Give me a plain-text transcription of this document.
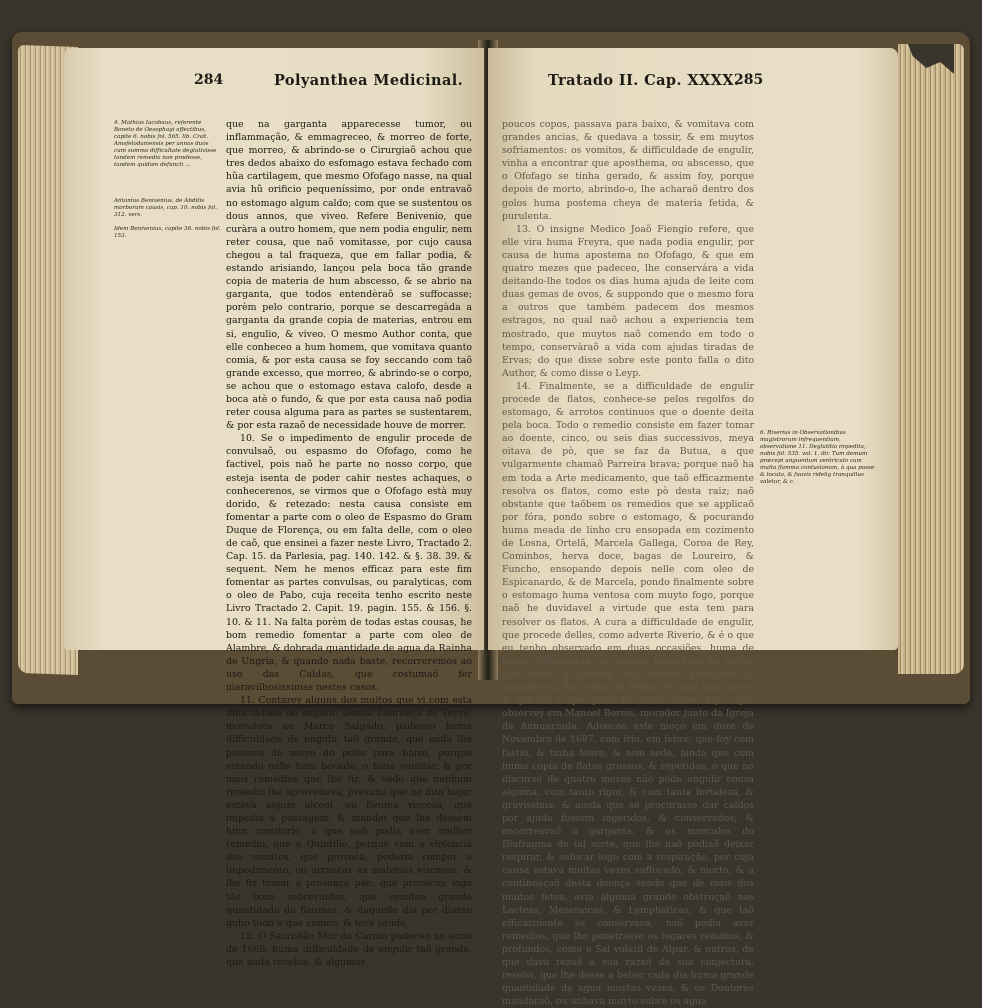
284	Polyanthea Medicinal.
4. Mathias Iacobaus, referente Boneto de Oesophagi affectibus, capite 6. nobis fol. 565. lib. Civit. Amsfelodamensis per annos duos cum summa difficultate deglutivisse tandem remedio non prodesse, tandem quidam defuncti ...
Antonius Benivenius, de Abditis morborum causis, cap. 10. nobis fol. 312. vers.
Idem Benivenius, capite 36. nobis fol. 153.

que na garganta apparecesse tumor, ou inflammação, & emmagreceo, & morreo de forte, que morreo, & abrindo-se o Cirurgiaõ achou que tres dedos abaixo do esfomago estava fechado com hũa cartilagem, que mesmo Ofofago nasse, na qual avia hũ orificio pequeníssimo, por onde entravaõ no estomago algum caldo; com que se sustentou os dous annos, que viveo. Refere Benivenio, que curàra a outro homem, que nem podia engulir, nem reter cousa, que naõ vomitasse, por cujo causa chegou a tal fraqueza, que em fallar podia, & estando arisiando, lançou pela boca tão grande copia de materia de hum abscesso, & se abrio na garganta, que todos entendèraõ se suffocasse; porèm pelo contrario, porque se descarregàda a garganta da grande copia de materias, entrou em si, engulio, & viveo. O mesmo Author conta, que elle conheceo a hum homem, que vomitava quanto comia, & por esta causa se foy seccando com taõ grande excesso, que morreo, & abrindo-se o corpo, se achou que o estomago estava calofo, desde a boca atè o fundo, & que por esta causa naõ podia reter cousa alguma para as partes se sustentarem, & por esta razaõ de necessidade houve de morrer.

10. Se o impedimento de engulir procede de convulsaõ, ou espasmo do Ofofago, como he factivel, pois naõ he parte no nosso corpo, que esteja isenta de poder cahir nestes achaques, o conhecerenos, se virmos que o Ofofago està muy dorido, & retezado: nesta causa consiste em fomentar a parte com o oleo de Espasmo do Gram Duque de Florença, ou em falta delle, com o oleo de caõ, que ensinei a fazer neste Livro, Tractado 2. Cap. 15. da Parlesia, pag. 140. 142. & §. 38. 39. & sequent. Nem he menos efficaz para este fim fomentar as partes convulsas, ou paralyticas, com o oleo de Pabo, cuja receita tenho escrito neste Livro Tractado 2. Capit. 19. pagin. 155. & 156. §. 10. & 11. Na falta porèm de todas estas cousas, he bom remedio fomentar a parte com oleo de Alambre, & dobrada quantidade de agua da Rainha de Ungria, & quando nada baste, recorreremos ao uso das Caldas, que costumaõ fer maravilhosissimas nestes casos.

11. Contarey alguns dos muitos que vi com esta difficuldade de engulir. Donna Lourença de Teyve, moradora ao Marco Salgado, padeceo huma difficuldade de engulir taõ grande, que nada lhe passava do meyo do peito para baixo, porque estando nelle hum bocado, o fazia vomitar, & por mais remedios que lhe fiz, & vèdo que nenhum remedio lhe aproveitava, presumi que no dito lugar estava algum alcool, ou fleuma viscosa, que impedia a passagem, & mandei que lhe dèssem hum vomitorio, o que naõ podia aver melhor remedio, que o Quintilio, porque com a violencia dos vomitos, que provoca, poderia romper o impedimento, ou arrancar as materias viscosas; & lhe fiz tomar a presença pao, que provocou logo tão bons sobrevindos, que vomitou grande quantidade de fleumas, & daquelle dia por diante gulio tudo o que comeo, & teve saude.

12. O Sacristão Mor do Carmo padeceo no anno de 1668. huma difficuldade de engulir taõ grande, que nada recebia, & algumas

Tratado II. Cap. XXXX.
285

poucos copos, passava para baixo, & vomitava com grandes ancias, & quedava a tossir, & em muytos sofriamentos: os vomitos, & difficuldade de engulir, vinha a encontrar que aposthema, ou abscesso, que o Ofofago se tinha gerado, & assim foy, porque depois de morto, abrindo-o, lhe acharaõ dentro dos golos huma postema cheya de materia fetida, & purulenta.

13. O insigne Medico Joaõ Fiengio refere, que elle vira huma Freyra, que nada podia engulir, por causa de huma apostema no Ofofago, & que em quatro mezes que padeceo, lhe conservára a vida deitando-lhe todos os dias huma ajuda de leite com duas gemas de ovos, & suppondo que o mesmo fora a outros que também padecem dos mesmos estragos, no qual naõ achou a experiencia tem mostrado, que muytos naõ comendo em todo o tempo, conservàraõ a vida com ajudas tiradas de Ervas; do que disse sobre este ponto falla o dito Author, & como disse o Leyp.

14. Finalmente, se a difficuldade de engulir procede de flatos, conhece-se pelos regolfos do estomago, & arrotos continuos que o doente deita pela boca. Todo o remedio consiste em fazer tomar ao doente, cinco, ou seis dias successivos, meya oitava de pò, que se faz da Butua, a que vulgarmente chamaõ Parreira brava; porque naõ ha em toda a Arte medicamento, que taõ efficazmente resolva os flatos, como este pò desta raiz; naõ obstante que taõbem os remedios que se applicaõ por fóra, pondo sobre o estomago, & pocurando huma meada de linho cru ensopada em cozimento de Losna, Ortelã, Marcela Gallega, Coroa de Rey, Cominhos, herva doce, bagas de Loureiro, & Funcho, ensopando depois nelle com oleo de Espicanardo, & de Marcela, pondo finalmente sobre o estomago huma ventosa com muyto fogo, porque naõ he duvidavel a virtude que esta tem para resolver os flatos. A cura a difficuldade de engulir, que procede delles, como adverte Riverio, & é o que eu tenho observado em duas occasiões, huma de huma difficuldade de engulir procedida de flatos, que curey a Antonio dos Santos, Esculptor, & morador na Rua nova da Palma. O caso mais novo, & que eu vi que procedia desta causa, foy o que observey em Manoel Boreis, morador junto da Igreja da Annunciada. Adoeceo este moço em doze de Novembro de 1687. com frio, em febre, que foy com fastio, & tinha febre, & sem sede, ainda que com huma copia de flatos grossos, & repetidos, o que no discurso de quatro mezes não pode engulir cousa alguma, com tanto rigor, & com tanta fortaleza, & gravissima, & ainda que se procurasse dar caldos por ajuda fossem ingeridos, & conservados; & encorreavaõ a garganta, & os musculos do Diafragma de tal sorte, que lhe naõ podiaõ deixar respirar, & sufocar logo com a respiração, por cuja causa estava muitas vezes suffocado, & morto; & a continuaçaõ desta doença sendo que de mais dos muitos fetos, avia alguma grande obstruçaõ nas Lacteas, Meseraicas, & Lymphaticas, & que taõ efficazmente se conservava, naõ podia aver remedios, que lhe penetrasse os lugares remotos, & profundos, como o Sal volatil de Alpar, & outros, de que dava rezaõ à sua razaõ de sua conjectura, resolvi, que lhe desse a beber cada dia huma grande quantidade de agua muytas vezes, & os Doutores mandàraõ, ou unhava muyto sobre os agua

6. Riverius in Observationibus magistrorum infrequentium, observatione 11. Deglutitio impedita, nobis fol. 535. vol. 1. ibi: Tum demum præcepi unguentum ventriculo cum multa flamma contusionum, à qua posse & loculo, & fuavis ridelig tranquillus valetur, & c.
